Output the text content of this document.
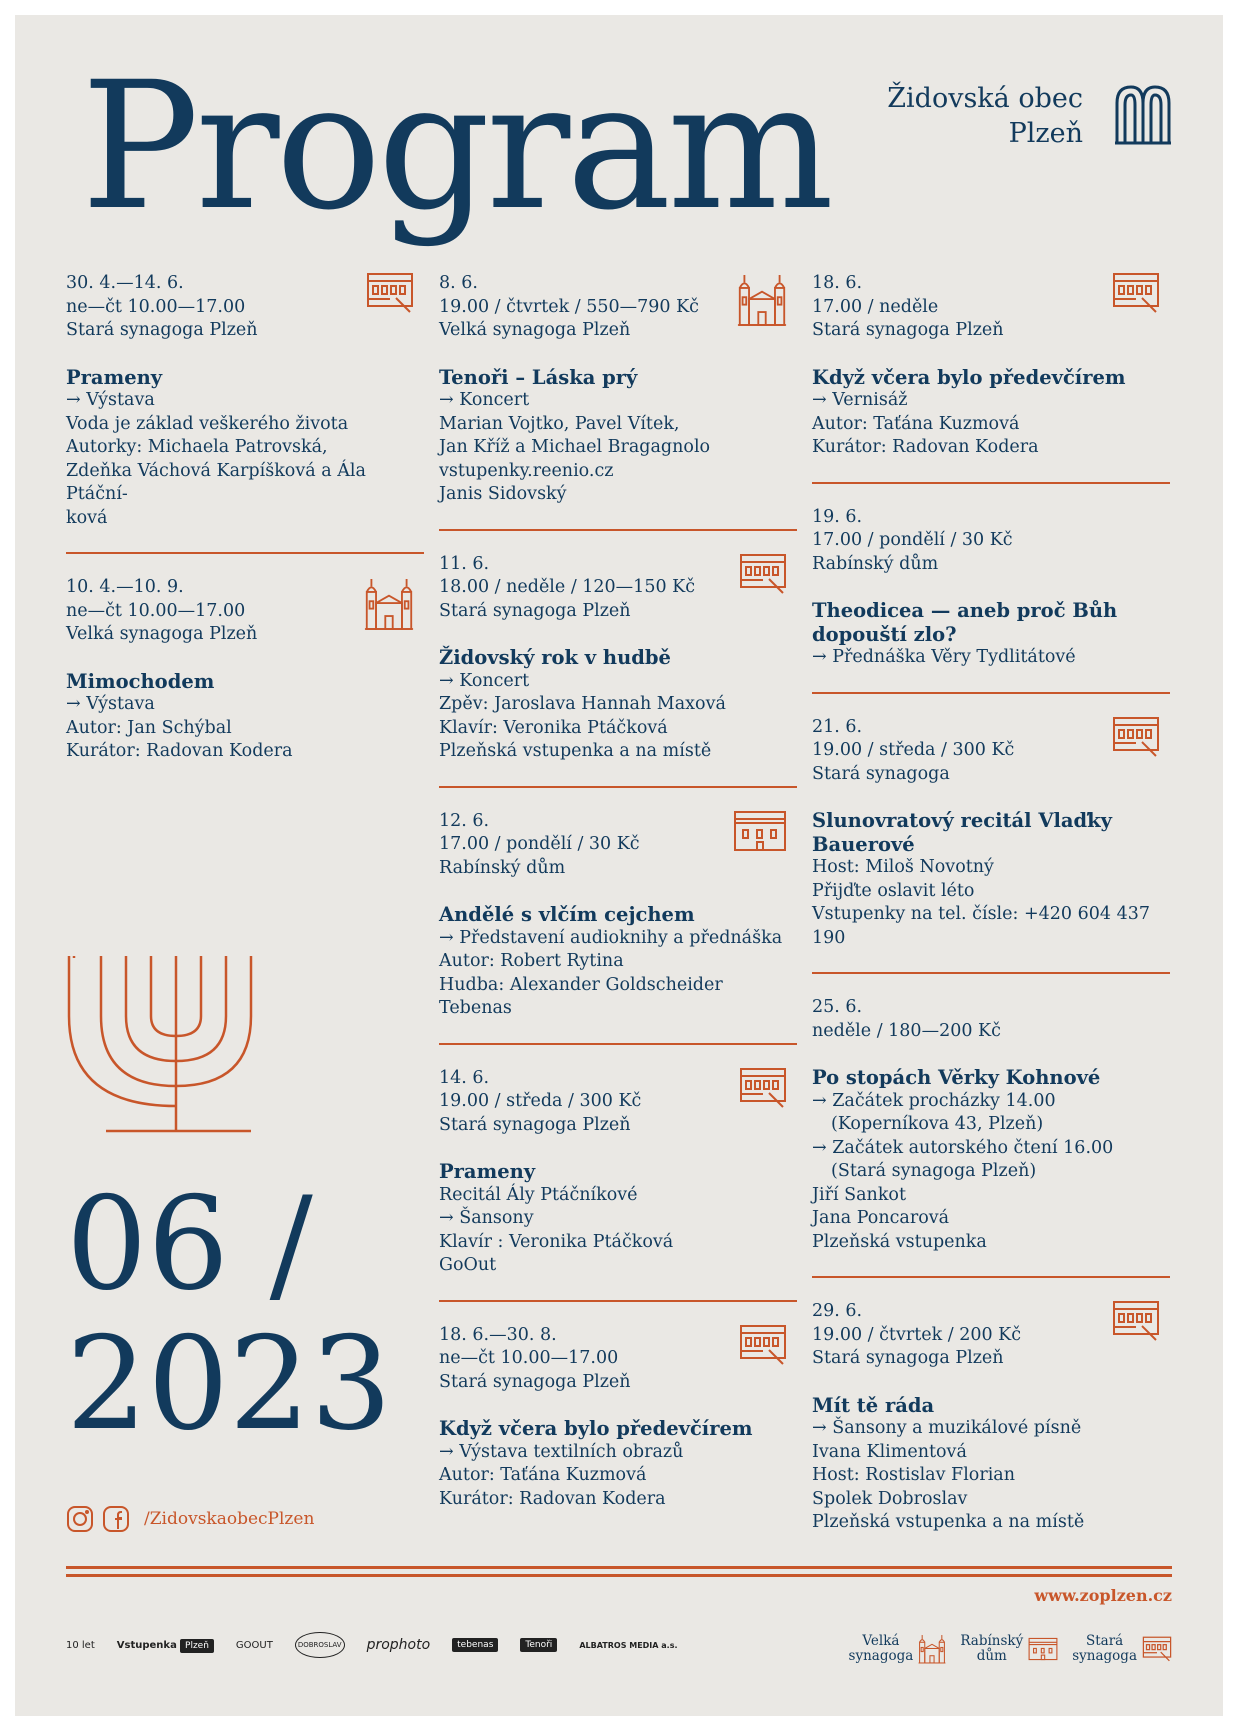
Program Židovská obec
Plzeň

30. 4.—14. 6.

ne—čt 10.00—17.00

Stará synagoga Plzeň

Prameny

→ Výstava

Voda je základ veškerého života

Autorky: Michaela Patrovská,

Zdeňka Váchová Karpíšková a Ála Ptáční-

ková

10. 4.—10. 9.

ne—čt 10.00—17.00

Velká synagoga Plzeň

Mimochodem

→ Výstava

Autor: Jan Schýbal

Kurátor: Radovan Kodera

8. 6.

19.00 / čtvrtek / 550—790 Kč

Velká synagoga Plzeň

Tenoři – Láska prý

→ Koncert

Marian Vojtko, Pavel Vítek,

Jan Kříž a Michael Bragagnolo

vstupenky.reenio.cz

Janis Sidovský

11. 6.

18.00 / neděle / 120—150 Kč

Stará synagoga Plzeň

Židovský rok v hudbě

→ Koncert

Zpěv: Jaroslava Hannah Maxová

Klavír: Veronika Ptáčková

Plzeňská vstupenka a na místě

12. 6.

17.00 / pondělí / 30 Kč

Rabínský dům

Andělé s vlčím cejchem

→ Představení audioknihy a přednáška

Autor: Robert Rytina

Hudba: Alexander Goldscheider

Tebenas

14. 6.

19.00 / středa / 300 Kč

Stará synagoga Plzeň

Prameny

Recitál Ály Ptáčníkové

→ Šansony

Klavír : Veronika Ptáčková

GoOut

18. 6.—30. 8.

ne—čt 10.00—17.00

Stará synagoga Plzeň

Když včera bylo předevčírem

→ Výstava textilních obrazů

Autor: Taťána Kuzmová

Kurátor: Radovan Kodera

18. 6.

17.00 / neděle

Stará synagoga Plzeň

Když včera bylo předevčírem

→ Vernisáž

Autor: Taťána Kuzmová

Kurátor: Radovan Kodera

19. 6.

17.00 / pondělí / 30 Kč

Rabínský dům

Theodicea — aneb proč Bůh dopouští zlo?

→ Přednáška Věry Tydlitátové

21. 6.

19.00 / středa / 300 Kč

Stará synagoga

Slunovratový recitál Vlaďky Bauerové

Host: Miloš Novotný

Přijďte oslavit léto

Vstupenky na tel. čísle: +420 604 437 190

25. 6.

neděle / 180—200 Kč

Po stopách Věrky Kohnové

→ Začátek procházky 14.00

(Koperníkova 43, Plzeň)

→ Začátek autorského čtení 16.00

(Stará synagoga Plzeň)

Jiří Sankot

Jana Poncarová

Plzeňská vstupenka

29. 6.

19.00 / čtvrtek / 200 Kč

Stará synagoga Plzeň

Mít tě ráda

→ Šansony a muzikálové písně

Ivana Klimentová

Host: Rostislav Florian

Spolek Dobroslav

Plzeňská vstupenka a na místě

06 /
2023
/ZidovskaobecPlzen
www.zoplzen.cz
10 let Vstupenka Plzeň	GOOUT	DOBROSLAV prophoto	tebenas	Tenoři	ALBATROS MEDIA a.s.	Velká
synagoga
Rabínský
dům
Stará
synagoga
